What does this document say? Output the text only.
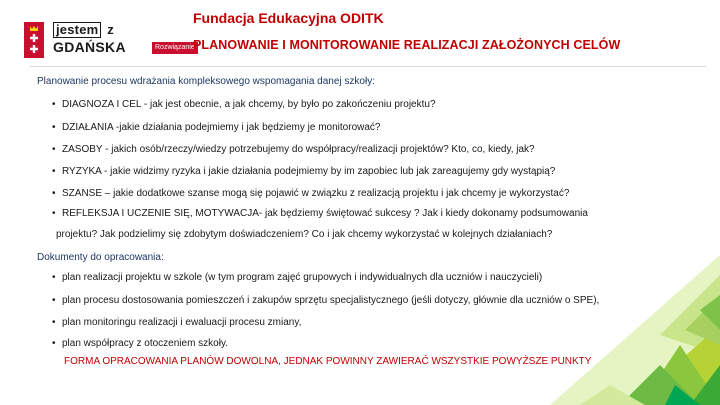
jestem z
GDAŃSKA	Rozwiązanie
Fundacja Edukacyjna ODITK
PLANOWANIE I MONITOROWANIE REALIZACJI ZAŁOŻONYCH CELÓW

Planowanie procesu wdrażania kompleksowego wspomagania danej szkoły:

• DIAGNOZA I CEL - jak jest obecnie, a jak chcemy, by było po zakończeniu projektu?

• DZIAŁANIA -jakie działania podejmiemy i jak będziemy je monitorować?

• ZASOBY - jakich osób/rzeczy/wiedzy potrzebujemy do współpracy/realizacji projektów? Kto, co, kiedy, jak?

• RYZYKA - jakie widzimy ryzyka i jakie działania podejmiemy by im zapobiec lub jak zareagujemy gdy wystąpią?

• SZANSE – jakie dodatkowe szanse mogą się pojawić w związku z realizacją projektu i jak chcemy je wykorzystać?

• REFLEKSJA I UCZENIE SIĘ, MOTYWACJA- jak będziemy świętować sukcesy ? Jak i kiedy dokonamy podsumowania

projektu? Jak podzielimy się zdobytym doświadczeniem? Co i jak chcemy wykorzystać w kolejnych działaniach?

Dokumenty do opracowania:

• plan realizacji projektu w szkole (w tym program zajęć grupowych i indywidualnych dla uczniów i nauczycieli)

• plan procesu dostosowania pomieszczeń i zakupów sprzętu specjalistycznego (jeśli dotyczy, głównie dla uczniów o SPE),

• plan monitoringu realizacji i ewaluacji procesu zmiany,

• plan współpracy z otoczeniem szkoły.

FORMA OPRACOWANIA PLANÓW DOWOLNA, JEDNAK POWINNY ZAWIERAĆ WSZYSTKIE POWYŻSZE PUNKTY
